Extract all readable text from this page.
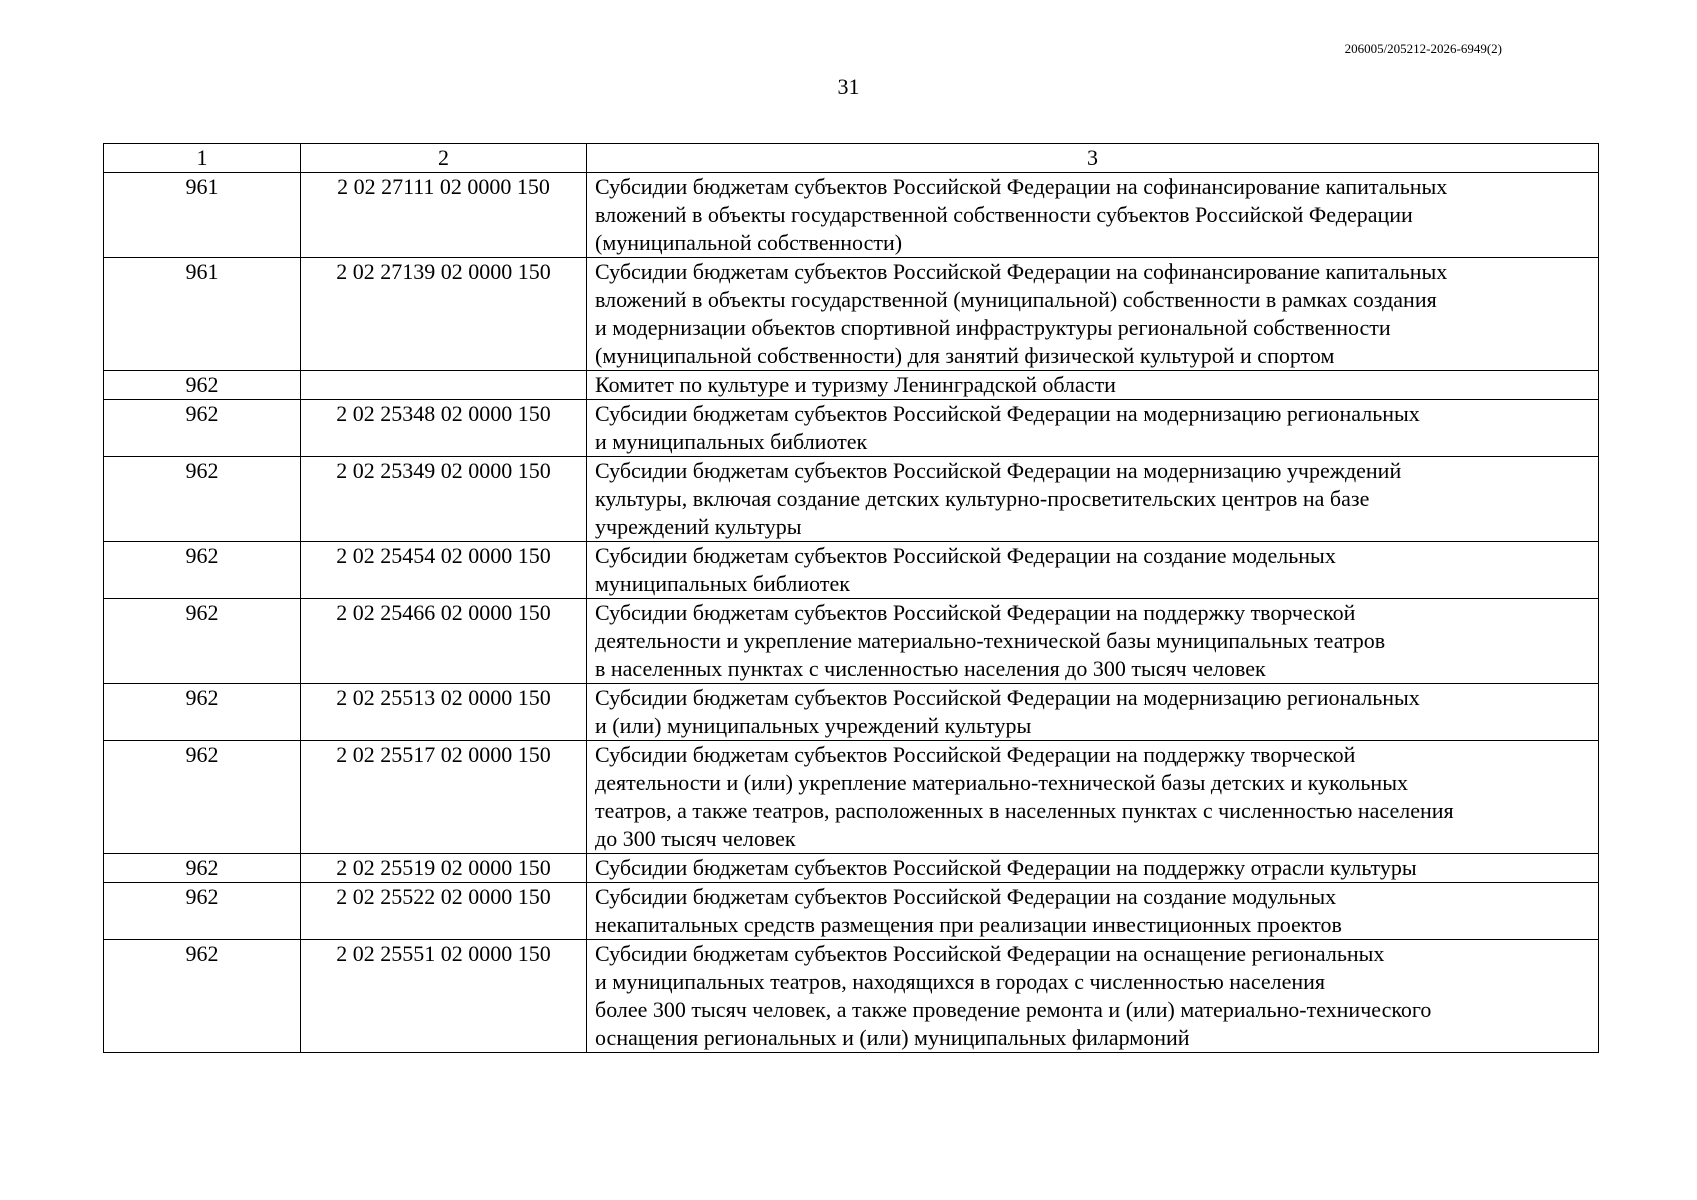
206005/205212-2026-6949(2)
31
1	2	3
961	2 02 27111 02 0000 150	Субсидии бюджетам субъектов Российской Федерации на софинансирование капитальных
вложений в объекты государственной собственности субъектов Российской Федерации
(муниципальной собственности)

961	2 02 27139 02 0000 150	Субсидии бюджетам субъектов Российской Федерации на софинансирование капитальных
вложений в объекты государственной (муниципальной) собственности в рамках создания
и модернизации объектов спортивной инфраструктуры региональной собственности
(муниципальной собственности) для занятий физической культурой и спортом

962		Комитет по культуре и туризму Ленинградской области

962	2 02 25348 02 0000 150	Субсидии бюджетам субъектов Российской Федерации на модернизацию региональных
и муниципальных библиотек

962	2 02 25349 02 0000 150	Субсидии бюджетам субъектов Российской Федерации на модернизацию учреждений
культуры, включая создание детских культурно-просветительских центров на базе
учреждений культуры

962	2 02 25454 02 0000 150	Субсидии бюджетам субъектов Российской Федерации на создание модельных
муниципальных библиотек

962	2 02 25466 02 0000 150	Субсидии бюджетам субъектов Российской Федерации на поддержку творческой
деятельности и укрепление материально-технической базы муниципальных театров
в населенных пунктах с численностью населения до 300 тысяч человек

962	2 02 25513 02 0000 150	Субсидии бюджетам субъектов Российской Федерации на модернизацию региональных
и (или) муниципальных учреждений культуры

962	2 02 25517 02 0000 150	Субсидии бюджетам субъектов Российской Федерации на поддержку творческой
деятельности и (или) укрепление материально-технической базы детских и кукольных
театров, а также театров, расположенных в населенных пунктах с численностью населения
до 300 тысяч человек

962	2 02 25519 02 0000 150	Субсидии бюджетам субъектов Российской Федерации на поддержку отрасли культуры

962	2 02 25522 02 0000 150	Субсидии бюджетам субъектов Российской Федерации на создание модульных
некапитальных средств размещения при реализации инвестиционных проектов

962	2 02 25551 02 0000 150	Субсидии бюджетам субъектов Российской Федерации на оснащение региональных
и муниципальных театров, находящихся в городах с численностью населения
более 300 тысяч человек, а также проведение ремонта и (или) материально-технического
оснащения региональных и (или) муниципальных филармоний
